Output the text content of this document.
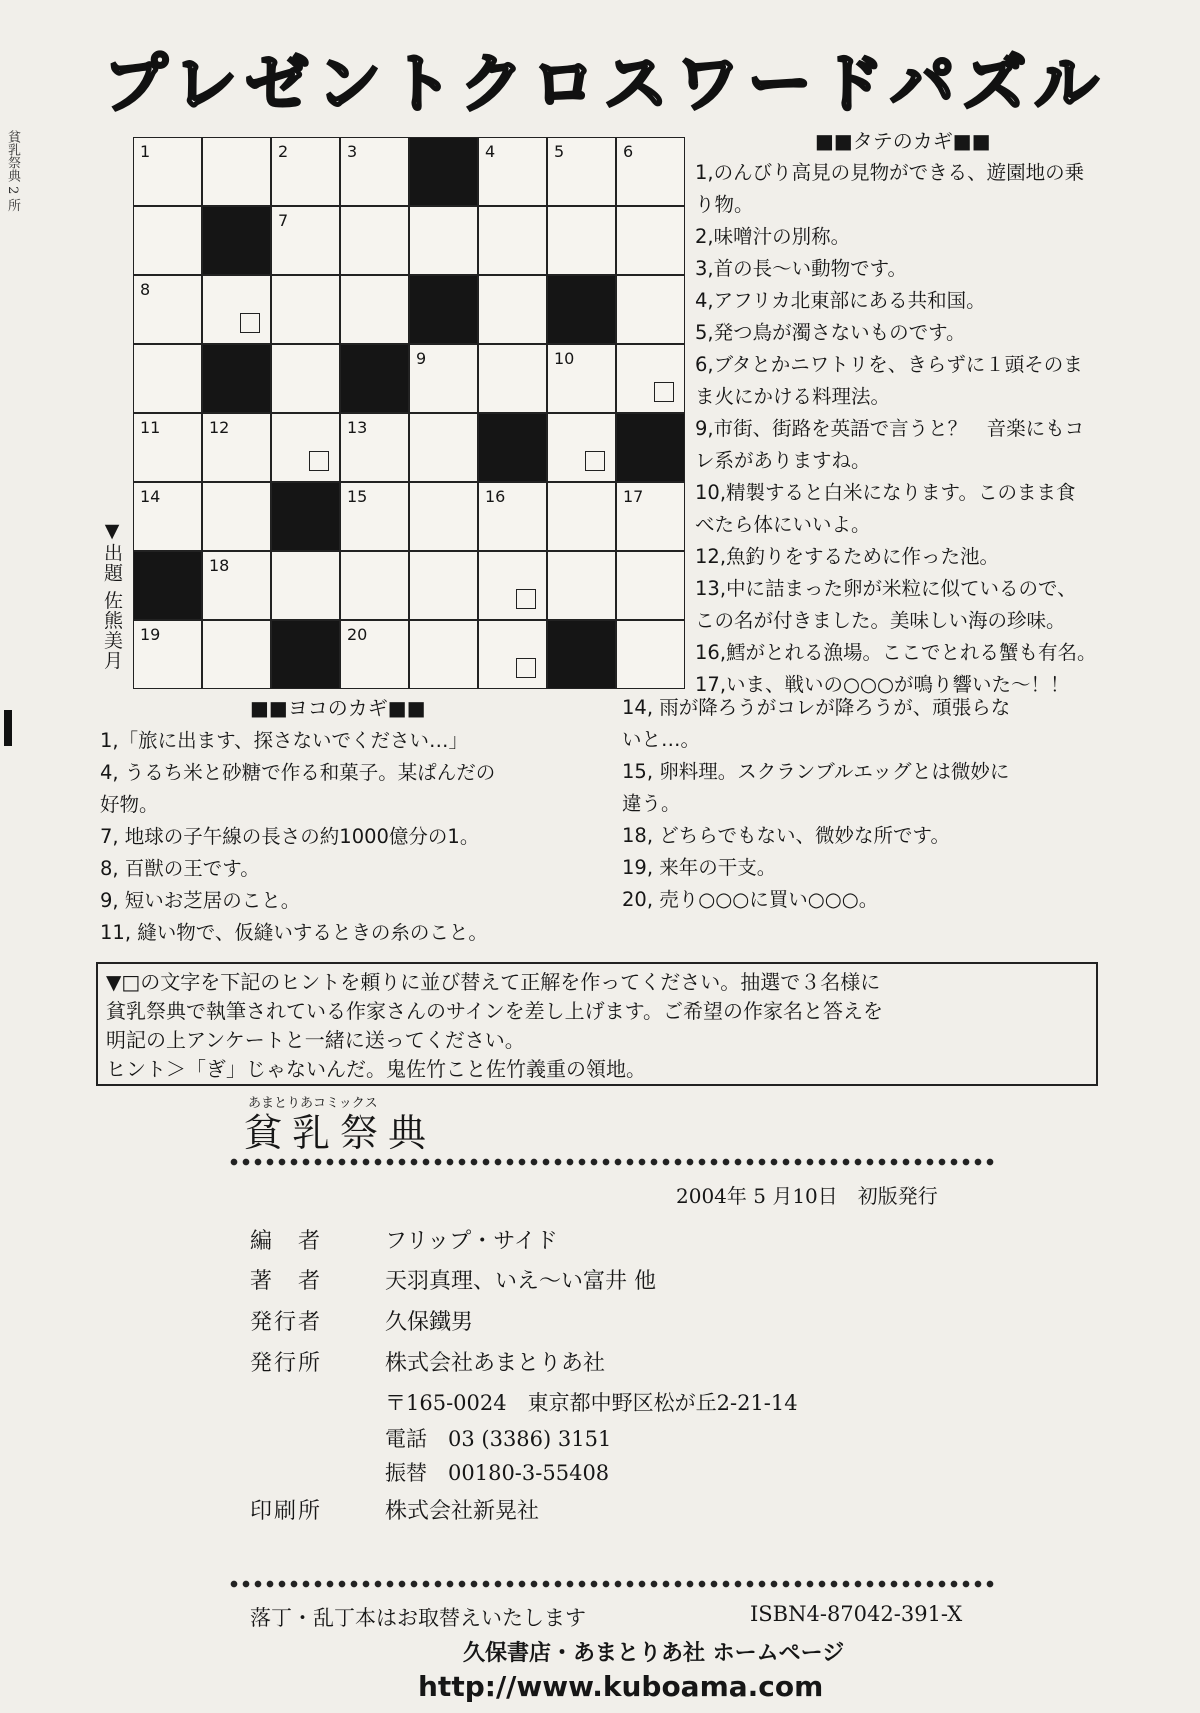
プレゼントクロスワードパズル
貧乳祭典 2 所	1	2	3	4	5	6
7
8
9	10
11	12	13
14	15	16	17
18
19	20
▼出題 佐熊美月
■■タテのカギ■■

1,のんびり高見の見物ができる、遊園地の乗

り物。

2,味噌汁の別称。

3,首の長〜い動物です。

4,アフリカ北東部にある共和国。

5,発つ鳥が濁さないものです。

6,ブタとかニワトリを、きらずに１頭そのま

ま火にかける料理法。

9,市街、街路を英語で言うと？　音楽にもコ

レ系がありますね。

10,精製すると白米になります。このまま食

べたら体にいいよ。

12,魚釣りをするために作った池。

13,中に詰まった卵が米粒に似ているので、

この名が付きました。美味しい海の珍味。

16,鱈がとれる漁場。ここでとれる蟹も有名。

17,いま、戦いの○○○が鳴り響いた〜！！

■■ヨコのカギ■■

1,「旅に出ます、探さないでください…」

4, うるち米と砂糖で作る和菓子。某ぱんだの

好物。

7, 地球の子午線の長さの約1000億分の1。

8, 百獣の王です。

9, 短いお芝居のこと。

11, 縫い物で、仮縫いするときの糸のこと。

14, 雨が降ろうがコレが降ろうが、頑張らな

いと…。

15, 卵料理。スクランブルエッグとは微妙に

違う。

18, どちらでもない、微妙な所です。

19, 来年の干支。

20, 売り○○○に買い○○○。

▼□の文字を下記のヒントを頼りに並び替えて正解を作ってください。抽選で３名様に
貧乳祭典で執筆されている作家さんのサインを差し上げます。ご希望の作家名と答えを
明記の上アンケートと一緒に送ってください。
ヒント＞「ぎ」じゃないんだ。鬼佐竹こと佐竹義重の領地。
あまとりあコミックス
貧乳祭典
2004年 5 月10日　初版発行
編　者	フリップ・サイド
著　者	天羽真理、いえ〜い富井 他
発行者	久保鐵男
発行所	株式会社あまとりあ社
〒165-0024　東京都中野区松が丘2-21-14
電話　03 (3386) 3151
振替　00180-3-55408
印刷所	株式会社新晃社
落丁・乱丁本はお取替えいたします	ISBN4-87042-391-X
久保書店・あまとりあ社 ホームページ
http://www.kuboama.com
